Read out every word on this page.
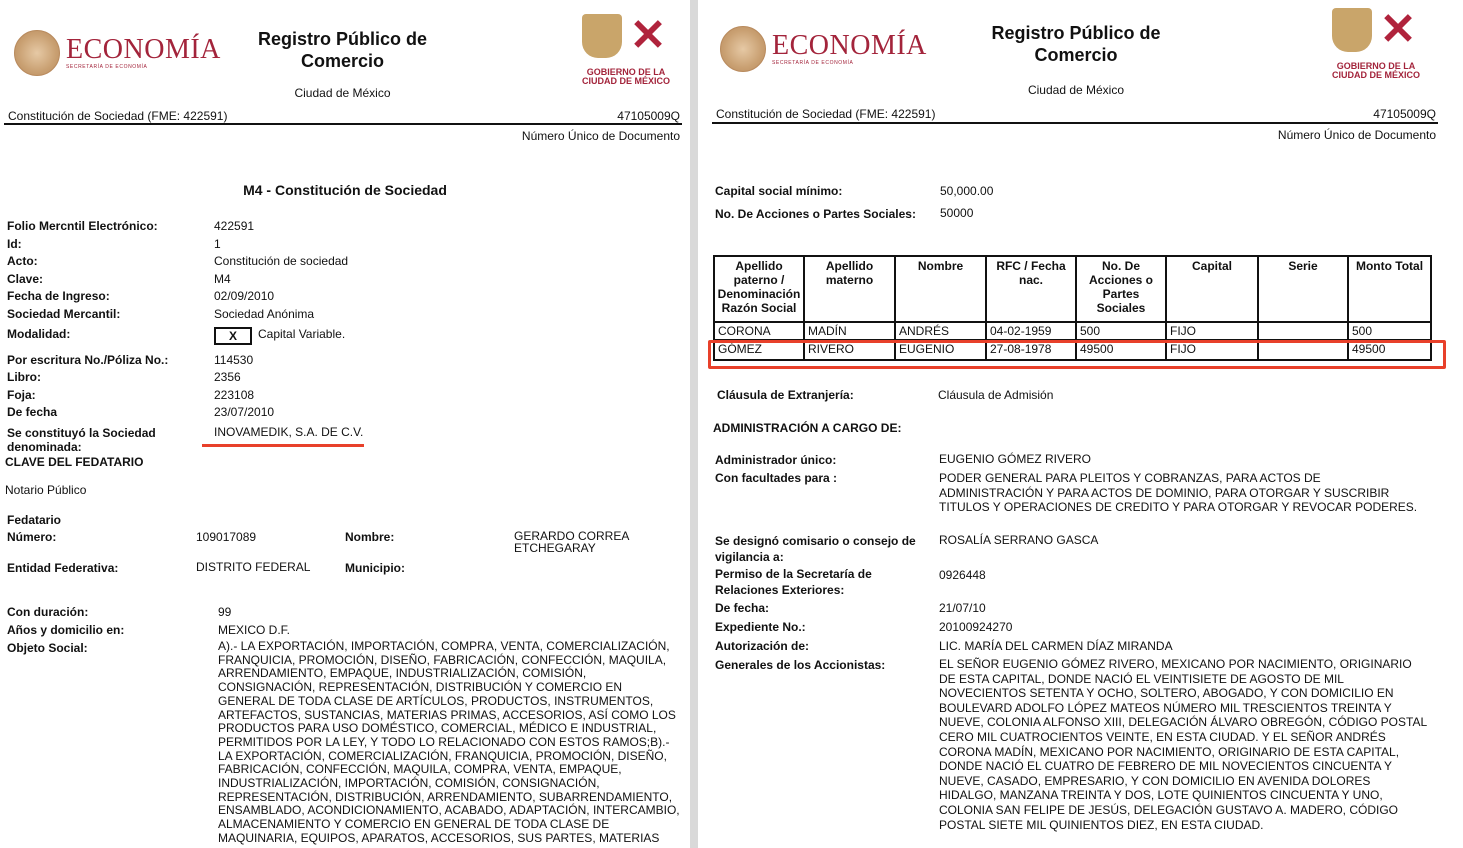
ECONOMÍA
SECRETARÍA DE ECONOMÍA
Registro Público de Comercio
Ciudad de México
✕
GOBIERNO DE LA
CIUDAD DE MÉXICO
Constitución de Sociedad (FME: 422591)	47105009Q
Número Único de Documento
M4 - Constitución de Sociedad
Folio Mercntil Electrónico:	422591
Id:	1
Acto:	Constitución de sociedad
Clave:	M4
Fecha de Ingreso:	02/09/2010
Sociedad Mercantil:	Sociedad Anónima
Modalidad:	X	Capital Variable.
Por escritura No./Póliza No.:	114530
Libro:	2356
Foja:	223108
De fecha	23/07/2010
Se constituyó la Sociedad denominada:
INOVAMEDIK, S.A. DE C.V.
CLAVE DEL FEDATARIO
Notario Público
Fedatario
Número:	109017089	Nombre:	GERARDO CORREA ETCHEGARAY
Entidad Federativa:	DISTRITO FEDERAL	Municipio:
Con duración:	99
Años y domicilio en:	MEXICO D.F.
Objeto Social:	A).- LA EXPORTACIÓN, IMPORTACIÓN, COMPRA, VENTA, COMERCIALIZACIÓN, FRANQUICIA, PROMOCIÓN, DISEÑO, FABRICACIÓN, CONFECCIÓN, MAQUILA, ARRENDAMIENTO, EMPAQUE, INDUSTRIALIZACIÓN, COMISIÓN, CONSIGNACIÓN, REPRESENTACIÓN, DISTRIBUCIÓN Y COMERCIO EN GENERAL DE TODA CLASE DE ARTÍCULOS, PRODUCTOS, INSTRUMENTOS, ARTEFACTOS, SUSTANCIAS, MATERIAS PRIMAS, ACCESORIOS, ASÍ COMO LOS PRODUCTOS PARA USO DOMÉSTICO, COMERCIAL, MÉDICO E INDUSTRIAL, PERMITIDOS POR LA LEY, Y TODO LO RELACIONADO CON ESTOS RAMOS;B).- LA EXPORTACIÓN, COMERCIALIZACIÓN, FRANQUICIA, PROMOCIÓN, DISEÑO, FABRICACIÓN, CONFECCIÓN, MAQUILA, COMPRA, VENTA, EMPAQUE, INDUSTRIALIZACIÓN, IMPORTACIÓN, COMISIÓN, CONSIGNACIÓN, REPRESENTACIÓN, DISTRIBUCIÓN, ARRENDAMIENTO, SUBARRENDAMIENTO, ENSAMBLADO, ACONDICIONAMIENTO, ACABADO, ADAPTACIÓN, INTERCAMBIO, ALMACENAMIENTO Y COMERCIO EN GENERAL DE TODA CLASE DE MAQUINARIA, EQUIPOS, APARATOS, ACCESORIOS, SUS PARTES, MATERIAS
ECONOMÍA
SECRETARÍA DE ECONOMÍA
Registro Público de Comercio
Ciudad de México
✕
GOBIERNO DE LA
CIUDAD DE MÉXICO
Constitución de Sociedad (FME: 422591)	47105009Q
Número Único de Documento
Capital social mínimo:	50,000.00
No. De Acciones o Partes Sociales: 50000
Apellido paterno / Denominación Razón Social	Apellido materno	Nombre	RFC / Fecha nac.	No. De Acciones o Partes Sociales	Capital	Serie	Monto Total
CORONA	MADÍN	ANDRÉS	04-02-1959	500	FIJO		500
GÓMEZ	RIVERO	EUGENIO	27-08-1978	49500	FIJO		49500
Cláusula de Extranjería:	Cláusula de Admisión
ADMINISTRACIÓN A CARGO DE:
Administrador único:	EUGENIO GÓMEZ RIVERO
Con facultades para :	PODER GENERAL PARA PLEITOS Y COBRANZAS, PARA ACTOS DE ADMINISTRACIÓN Y PARA ACTOS DE DOMINIO, PARA OTORGAR Y SUSCRIBIR TITULOS Y OPERACIONES DE CREDITO Y PARA OTORGAR Y REVOCAR PODERES.
Se designó comisario o consejo de vigilancia a:
ROSALÍA SERRANO GASCA
Permiso de la Secretaría de Relaciones Exteriores:
0926448
De fecha:	21/07/10
Expediente No.:	20100924270
Autorización de:	LIC. MARÍA DEL CARMEN DÍAZ MIRANDA
Generales de los Accionistas:	EL SEÑOR EUGENIO GÓMEZ RIVERO, MEXICANO POR NACIMIENTO, ORIGINARIO DE ESTA CAPITAL, DONDE NACIÓ EL VEINTISIETE DE AGOSTO DE MIL NOVECIENTOS SETENTA Y OCHO, SOLTERO, ABOGADO, Y CON DOMICILIO EN BOULEVARD ADOLFO LÓPEZ MATEOS NÚMERO MIL TRESCIENTOS TREINTA Y NUEVE, COLONIA ALFONSO XIII, DELEGACIÓN ÁLVARO OBREGÓN, CÓDIGO POSTAL CERO MIL CUATROCIENTOS VEINTE, EN ESTA CIUDAD. Y EL SEÑOR ANDRÉS CORONA MADÍN, MEXICANO POR NACIMIENTO, ORIGINARIO DE ESTA CAPITAL, DONDE NACIÓ EL CUATRO DE FEBRERO DE MIL NOVECIENTOS CINCUENTA Y NUEVE, CASADO, EMPRESARIO, Y CON DOMICILIO EN AVENIDA DOLORES HIDALGO, MANZANA TREINTA Y DOS, LOTE QUINIENTOS CINCUENTA Y UNO, COLONIA SAN FELIPE DE JESÚS, DELEGACIÓN GUSTAVO A. MADERO, CÓDIGO POSTAL SIETE MIL QUINIENTOS DIEZ, EN ESTA CIUDAD.
